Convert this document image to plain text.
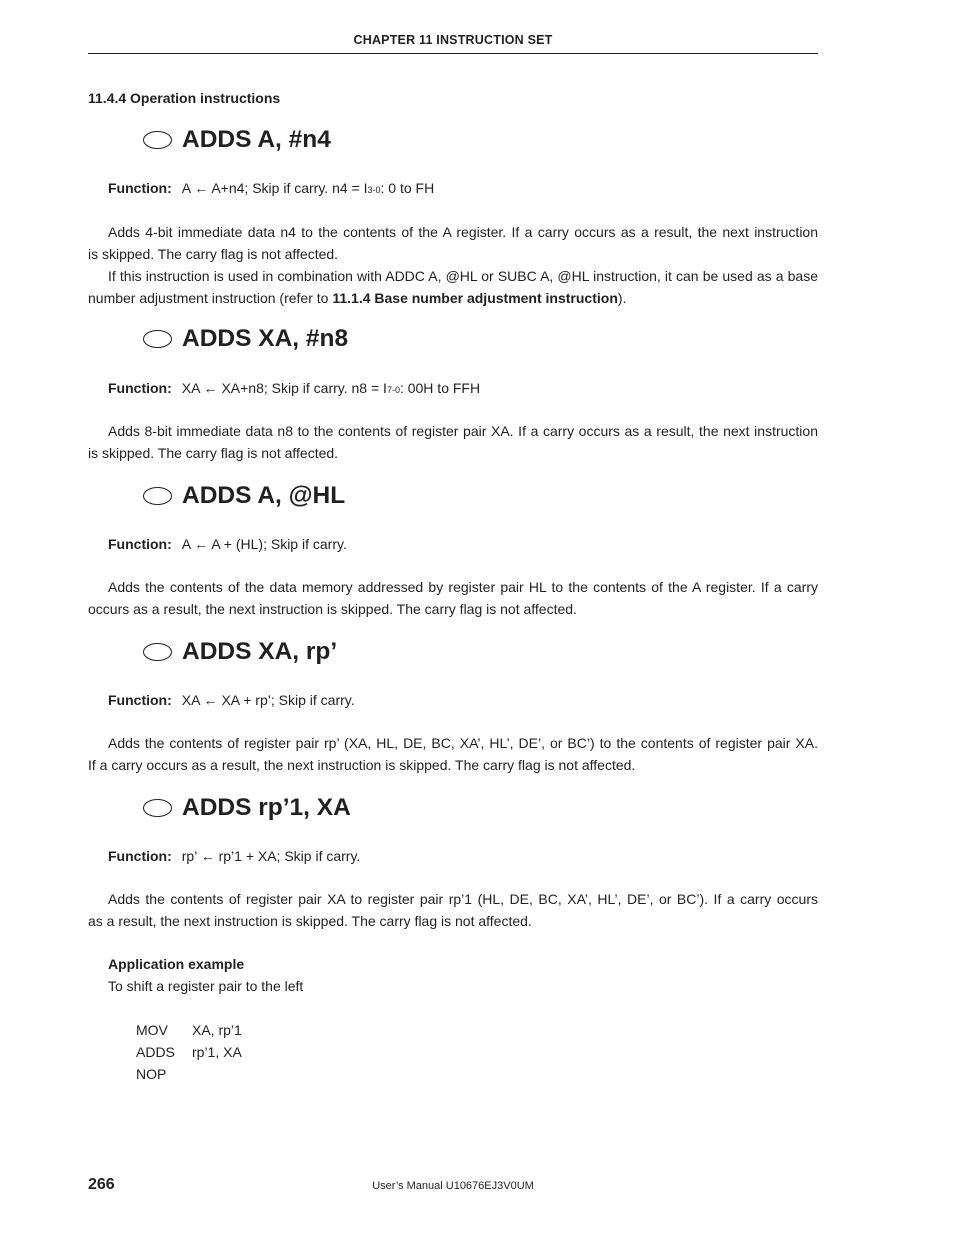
CHAPTER 11 INSTRUCTION SET
11.4.4 Operation instructions
ADDS A, #n4
Function: A ← A+n4; Skip if carry. n4 = I3-0: 0 to FH

Adds 4-bit immediate data n4 to the contents of the A register. If a carry occurs as a result, the next instruction

is skipped. The carry flag is not affected.

If this instruction is used in combination with ADDC A, @HL or SUBC A, @HL instruction, it can be used as a base

number adjustment instruction (refer to 11.1.4 Base number adjustment instruction).

ADDS XA, #n8
Function: XA ← XA+n8; Skip if carry. n8 = I7-0: 00H to FFH

Adds 8-bit immediate data n8 to the contents of register pair XA. If a carry occurs as a result, the next instruction

is skipped. The carry flag is not affected.

ADDS A, @HL
Function: A ← A + (HL); Skip if carry.

Adds the contents of the data memory addressed by register pair HL to the contents of the A register. If a carry

occurs as a result, the next instruction is skipped. The carry flag is not affected.

ADDS XA, rp’
Function: XA ← XA + rp’; Skip if carry.

Adds the contents of register pair rp’ (XA, HL, DE, BC, XA’, HL’, DE’, or BC’) to the contents of register pair XA.

If a carry occurs as a result, the next instruction is skipped. The carry flag is not affected.

ADDS rp’1, XA
Function: rp’ ← rp’1 + XA; Skip if carry.

Adds the contents of register pair XA to register pair rp’1 (HL, DE, BC, XA’, HL’, DE’, or BC’). If a carry occurs

as a result, the next instruction is skipped. The carry flag is not affected.

Application example
To shift a register pair to the left
MOV XA, rp’1
ADDS rp’1, XA
NOP
266	User’s Manual U10676EJ3V0UM
